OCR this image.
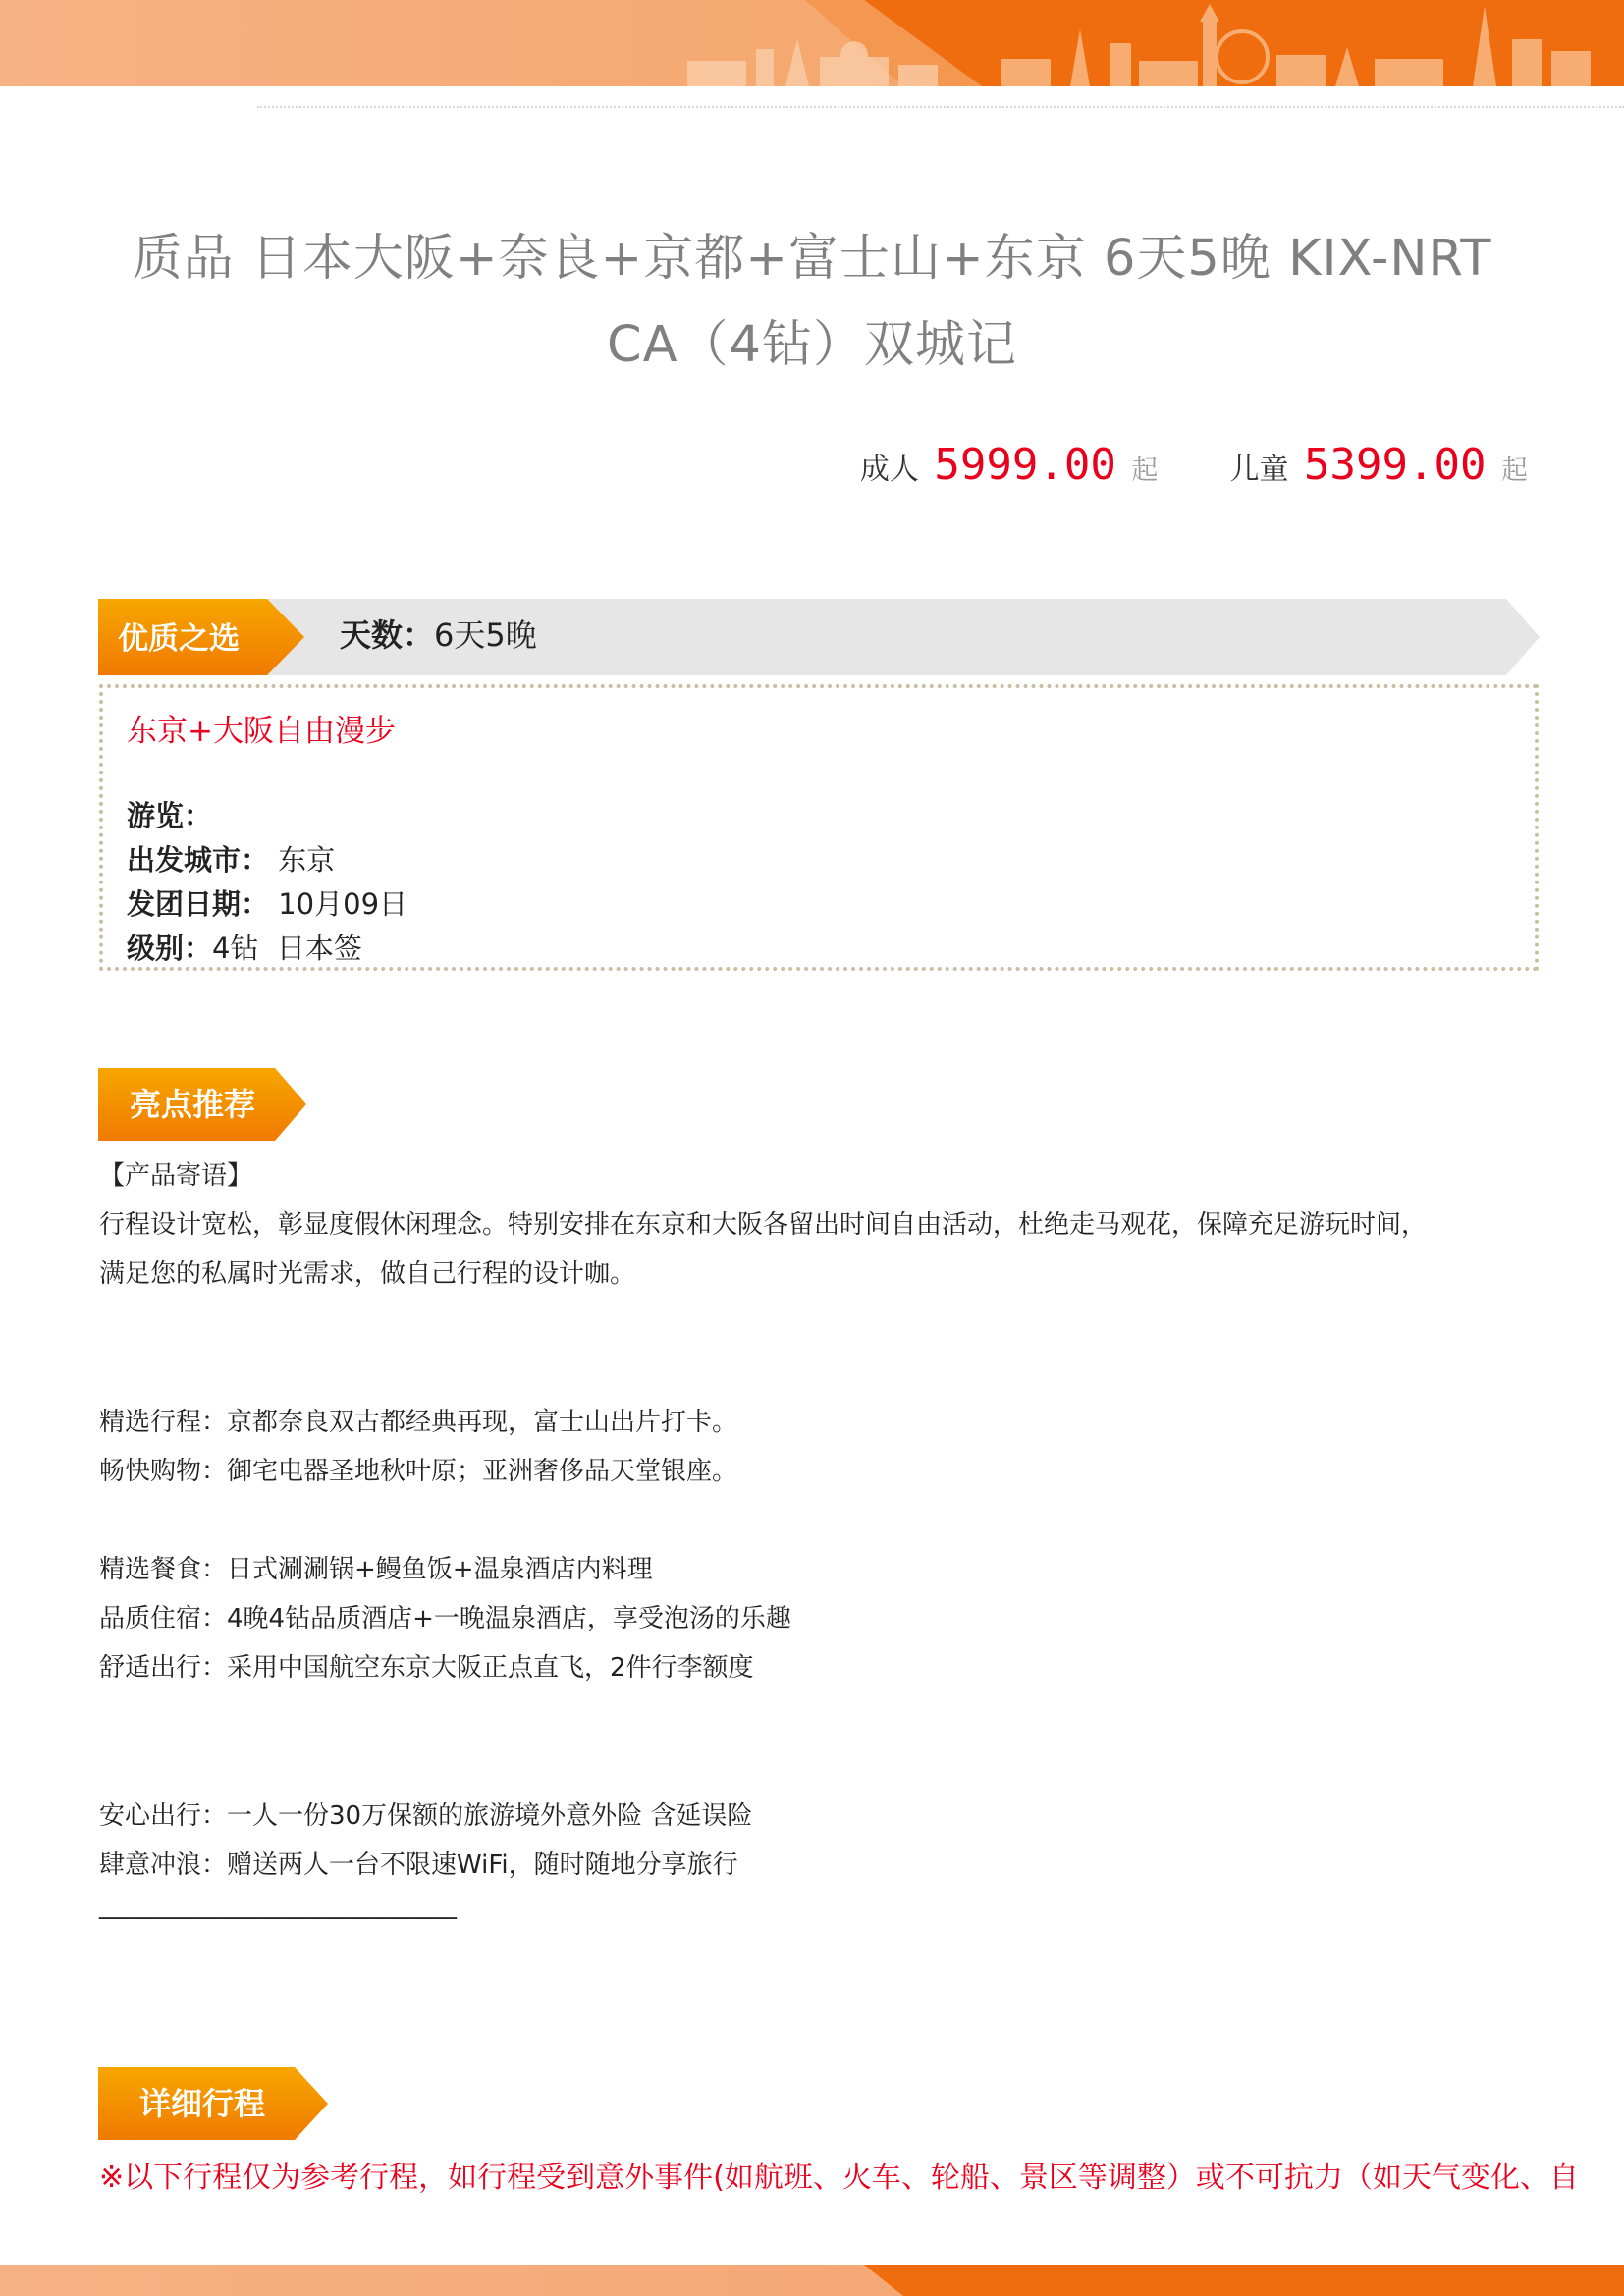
质品 日本大阪+奈良+京都+富士山+东京 6天5晚 KIX-NRT
CA（4钻）双城记
成人 5999.00 起 儿童 5399.00 起
优质之选	天数：6天5晚
东京+大阪自由漫步
游览：
出发城市： 东京
发团日期： 10月09日
级别：4钻  日本签
亮点推荐
【产品寄语】
行程设计宽松，彰显度假休闲理念。特别安排在东京和大阪各留出时间自由活动，杜绝走马观花，保障充足游玩时间，
满足您的私属时光需求，做自己行程的设计咖。
精选行程：京都奈良双古都经典再现，富士山出片打卡。
畅快购物：御宅电器圣地秋叶原；亚洲奢侈品天堂银座。
精选餐食：日式涮涮锅+鳗鱼饭+温泉酒店内料理
品质住宿：4晚4钻品质酒店+一晚温泉酒店，享受泡汤的乐趣
舒适出行：采用中国航空东京大阪正点直飞，2件行李额度
安心出行：一人一份30万保额的旅游境外意外险 含延误险
肆意冲浪：赠送两人一台不限速WiFi，随时随地分享旅行
____________________________
详细行程
※以下行程仅为参考行程，如行程受到意外事件(如航班、火车、轮船、景区等调整）或不可抗力（如天气变化、自
